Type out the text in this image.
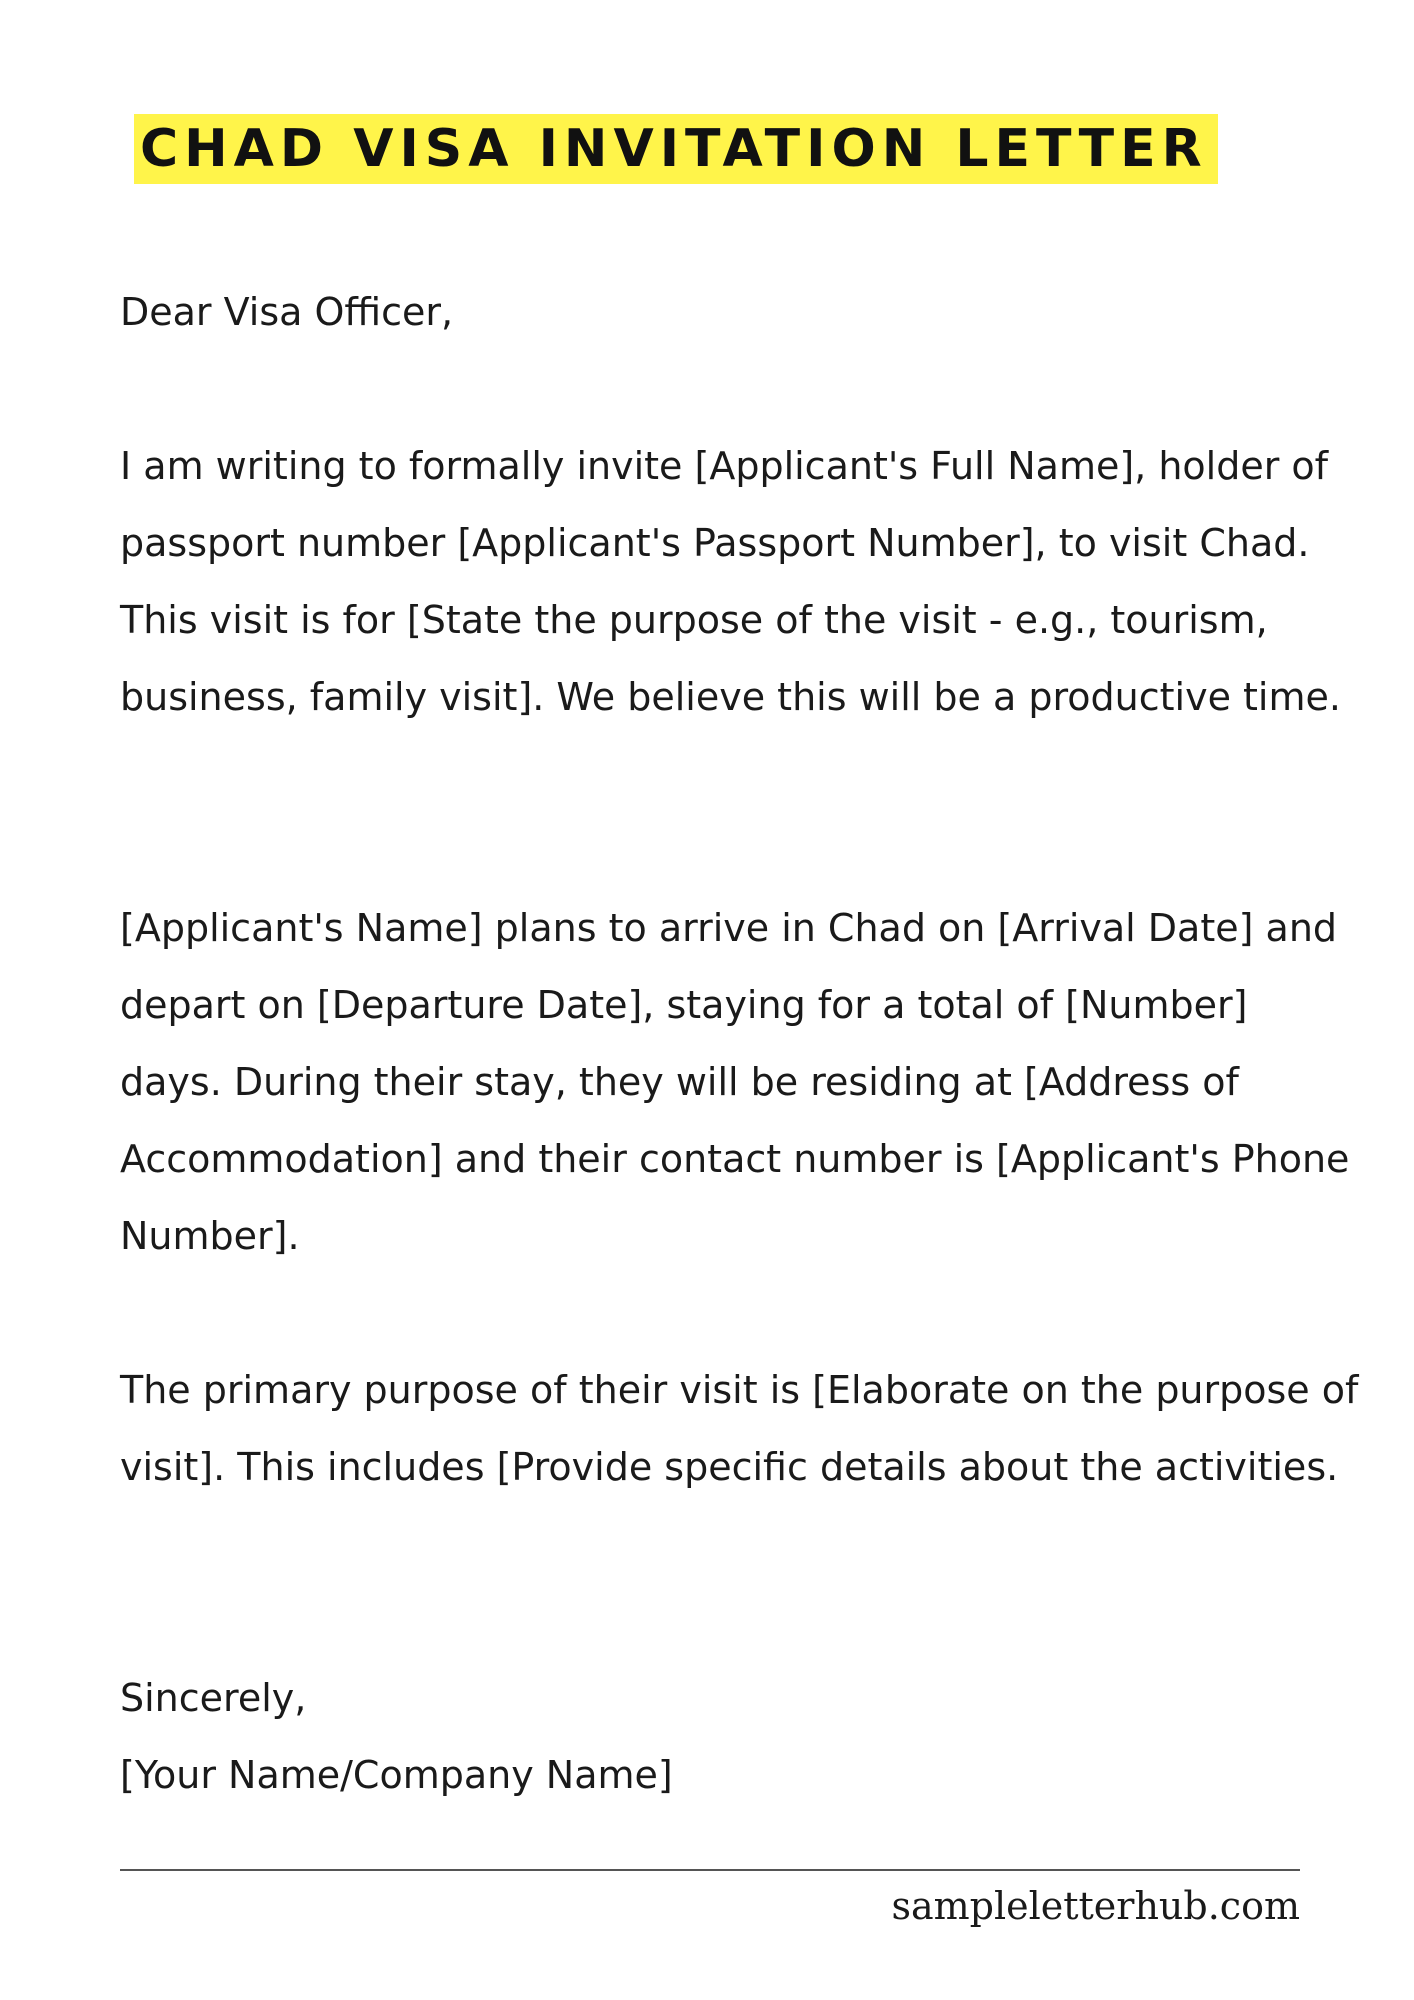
CHAD VISA INVITATION LETTER

Dear Visa Officer,

I am writing to formally invite [Applicant's Full Name], holder of passport number [Applicant's Passport Number], to visit Chad. This visit is for [State the purpose of the visit - e.g., tourism, business, family visit]. We believe this will be a productive time.

[Applicant's Name] plans to arrive in Chad on [Arrival Date] and depart on [Departure Date], staying for a total of [Number] days. During their stay, they will be residing at [Address of Accommodation] and their contact number is [Applicant's Phone Number].

The primary purpose of their visit is [Elaborate on the purpose of visit]. This includes [Provide specific details about the activities.

Sincerely,

[Your Name/Company Name]

sampleletterhub.com
